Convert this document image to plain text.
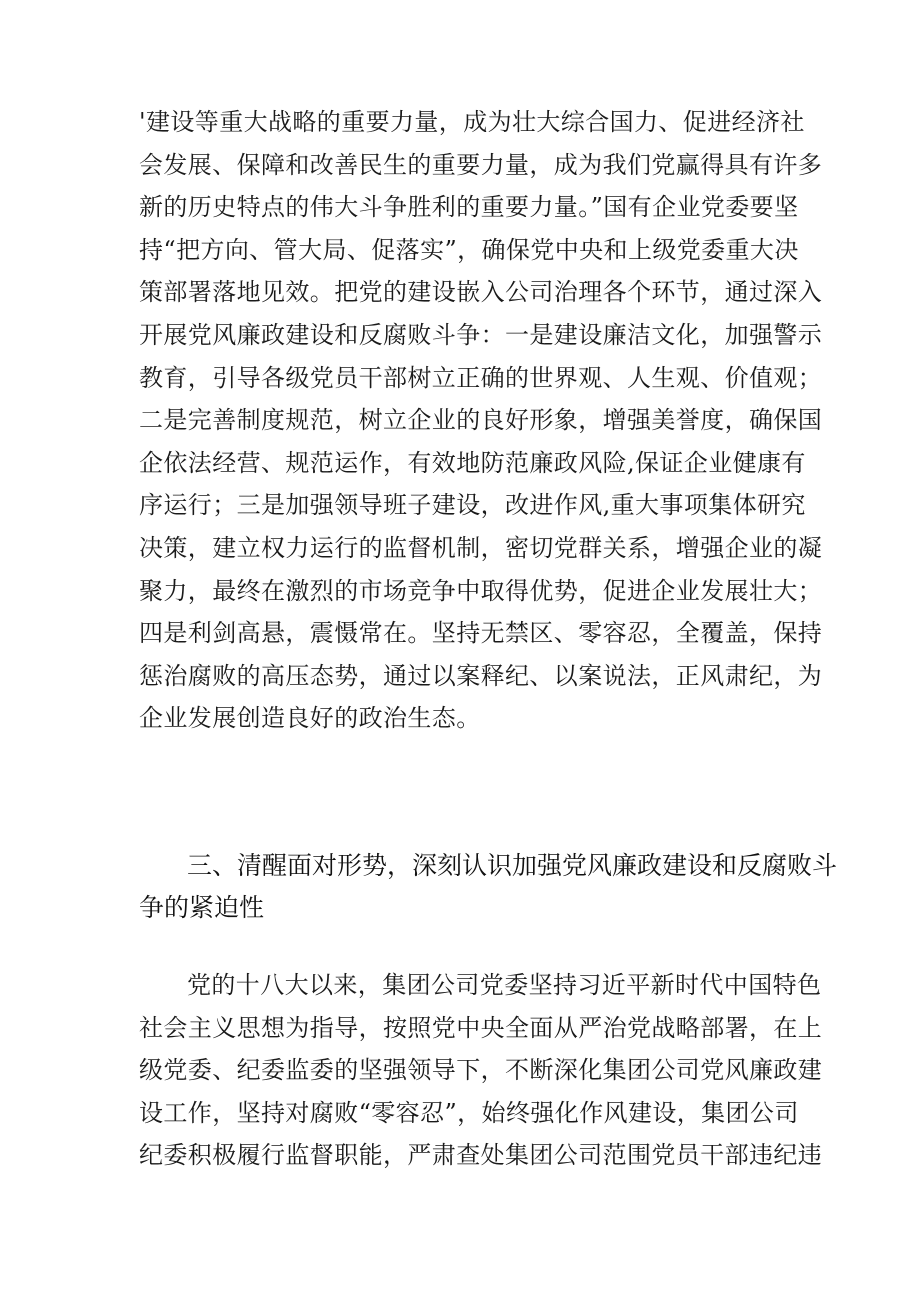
'建设等重大战略的重要力量，成为壮大综合国力、促进经济社
会发展、保障和改善民生的重要力量，成为我们党赢得具有许多
新的历史特点的伟大斗争胜利的重要力量。”国有企业党委要坚
持“把方向、管大局、促落实”，确保党中央和上级党委重大决
策部署落地见效。把党的建设嵌入公司治理各个环节，通过深入
开展党风廉政建设和反腐败斗争：一是建设廉洁文化，加强警示
教育，引导各级党员干部树立正确的世界观、人生观、价值观；
二是完善制度规范，树立企业的良好形象，增强美誉度，确保国
企依法经营、规范运作，有效地防范廉政风险,保证企业健康有
序运行；三是加强领导班子建设，改进作风,重大事项集体研究
决策，建立权力运行的监督机制，密切党群关系，增强企业的凝
聚力，最终在激烈的市场竞争中取得优势，促进企业发展壮大；
四是利剑高悬，震慑常在。坚持无禁区、零容忍，全覆盖，保持
惩治腐败的高压态势，通过以案释纪、以案说法，正风肃纪，为
企业发展创造良好的政治生态。
三、清醒面对形势，深刻认识加强党风廉政建设和反腐败斗
争的紧迫性
党的十八大以来，集团公司党委坚持习近平新时代中国特色
社会主义思想为指导，按照党中央全面从严治党战略部署，在上
级党委、纪委监委的坚强领导下，不断深化集团公司党风廉政建
设工作，坚持对腐败“零容忍”，始终强化作风建设，集团公司
纪委积极履行监督职能，严肃查处集团公司范围党员干部违纪违
